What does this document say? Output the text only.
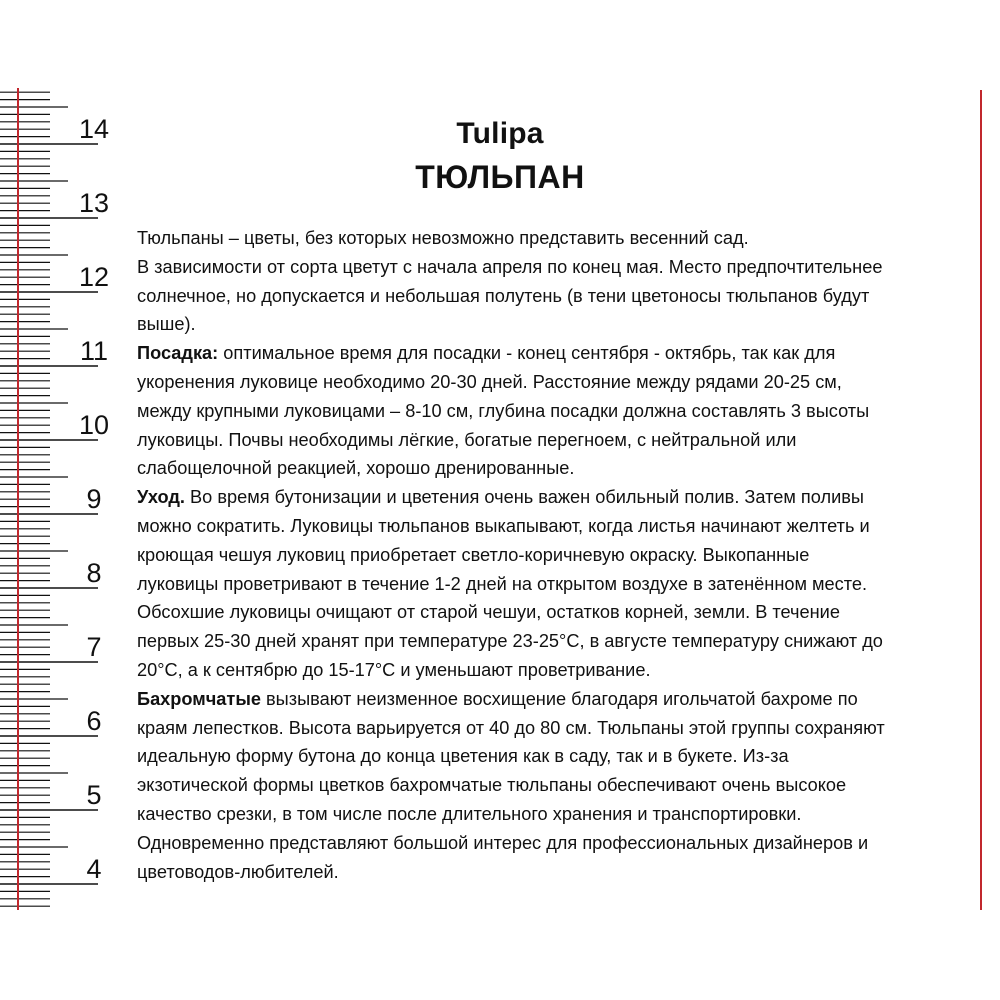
14
13
12
11
10
9
8
7
6
5
4
Tulipa
ТЮЛЬПАН
Тюльпаны – цветы, без которых невозможно представить весенний сад.
В зависимости от сорта цветут с начала апреля по конец мая. Место предпочтительнее
солнечное, но допускается и небольшая полутень (в тени цветоносы тюльпанов будут
выше).
Посадка: оптимальное время для посадки - конец сентября - октябрь, так как для
укоренения луковице необходимо 20-30 дней. Расстояние между рядами 20-25 см,
между крупными луковицами – 8-10 см, глубина посадки должна составлять 3 высоты
луковицы. Почвы необходимы лёгкие, богатые перегноем, с нейтральной или
слабощелочной реакцией, хорошо дренированные.
Уход. Во время бутонизации и цветения очень важен обильный полив. Затем поливы
можно сократить. Луковицы тюльпанов выкапывают, когда листья начинают желтеть и
кроющая чешуя луковиц приобретает светло-коричневую окраску. Выкопанные
луковицы проветривают в течение 1-2 дней на открытом воздухе в затенённом месте.
Обсохшие луковицы очищают от старой чешуи, остатков корней, земли. В течение
первых 25-30 дней хранят при температуре 23-25°С, в августе температуру снижают до
20°С, а к сентябрю до 15-17°С и уменьшают проветривание.
Бахромчатые вызывают неизменное восхищение благодаря игольчатой бахроме по
краям лепестков. Высота варьируется от 40 до 80 см. Тюльпаны этой группы сохраняют
идеальную форму бутона до конца цветения как в саду, так и в букете. Из-за
экзотической формы цветков бахромчатые тюльпаны обеспечивают очень высокое
качество срезки, в том числе после длительного хранения и транспортировки.
Одновременно представляют большой интерес для профессиональных дизайнеров и
цветоводов-любителей.
